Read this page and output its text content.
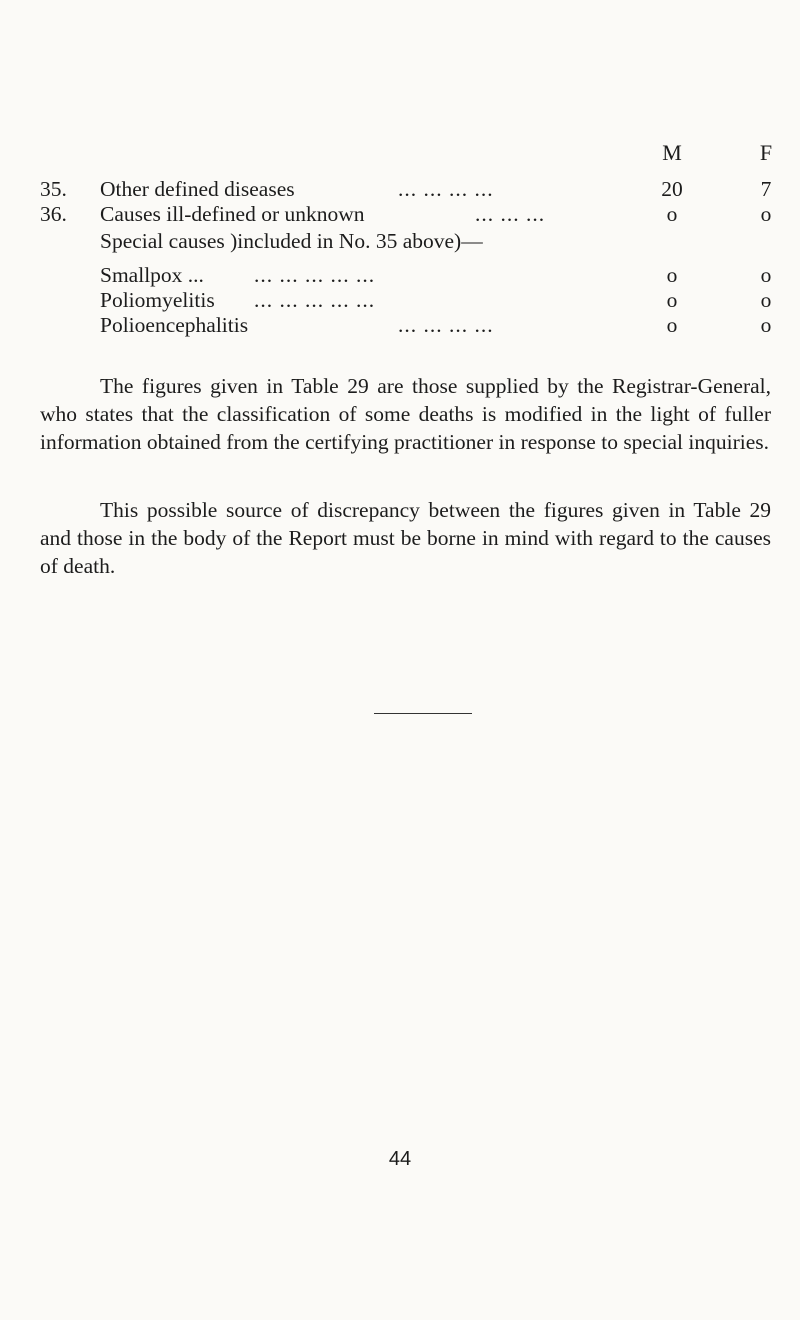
M	F
35. Other defined diseases	... ... ... ...	20	7
36. Causes ill-defined or unknown	... ... ...	o	o
Special causes )included in No. 35 above)—
Smallpox ... ... ... ... ... ...	o	o
Poliomyelitis ... ... ... ... ...	o	o
Polioencephalitis	... ... ... ...	o	o

The figures given in Table 29 are those supplied by the Registrar-General, who states that the classification of some deaths is modified in the light of fuller information obtained from the certifying practitioner in response to special inquiries.

This possible source of discrepancy between the figures given in Table 29 and those in the body of the Report must be borne in mind with regard to the causes of death.

44
